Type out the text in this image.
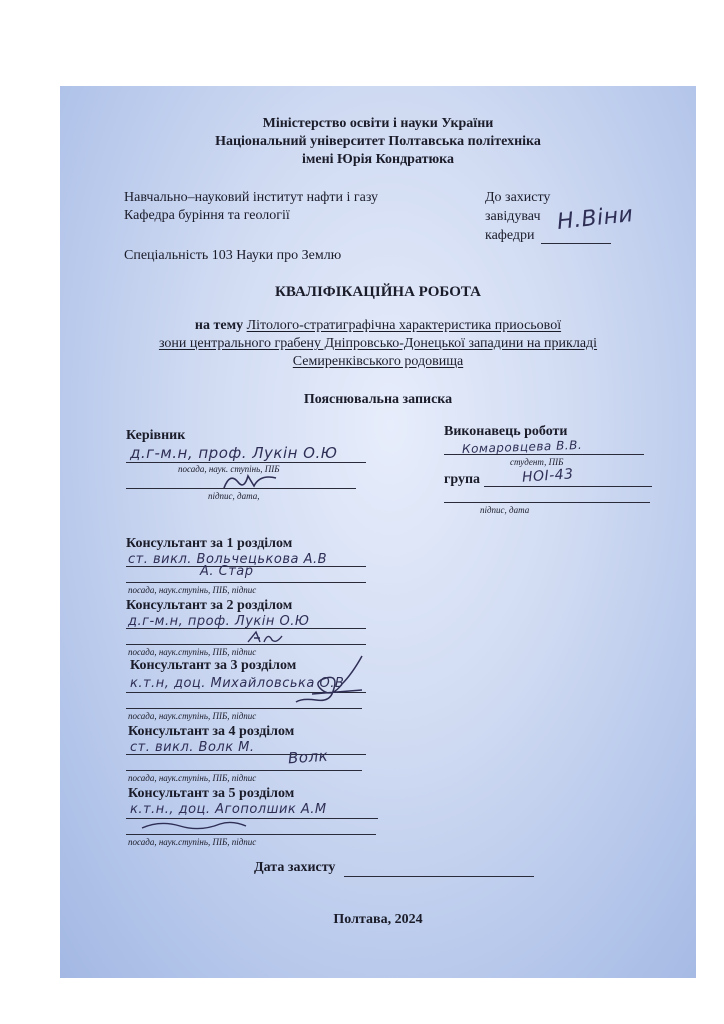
Міністерство освіти і науки України
Національний університет Полтавська політехніка
імені Юрія Кондратюка
Навчально–науковий інститут нафти і газу
Кафедра буріння та геології
Спеціальність 103 Науки про Землю
До захисту
завідувач
кафедри
Н.Віни
КВАЛІФІКАЦІЙНА РОБОТА
на тему Літолого-стратиграфічна характеристика приосьової
зони центрального грабену Дніпровсько-Донецької западини на прикладі
Семиренківського родовища
Пояснювальна записка
Керівник
д.г-м.н, проф. Лукін О.Ю
посада, наук. ступінь, ПІБ
підпис, дата,
Виконавець роботи
Комаровцева В.В.
студент, ПІБ
група	НОІ-43
підпис, дата
Консультант за 1 розділом
ст. викл. Вольчецькова А.В
А. Стар
посада, наук.ступінь, ПІБ, підпис
Консультант за 2 розділом
д.г-м.н, проф. Лукін О.Ю
посада, наук.ступінь, ПІБ, підпис
Консультант за 3 розділом
к.т.н, доц. Михайловська О.В
посада, наук.ступінь, ПІБ, підпис
Консультант за 4 розділом
ст. викл. Волк М. Волк
посада, наук.ступінь, ПІБ, підпис
Консультант за 5 розділом
к.т.н., доц. Агополшик А.М
посада, наук.ступінь, ПІБ, підпис
Дата захисту
Полтава, 2024
